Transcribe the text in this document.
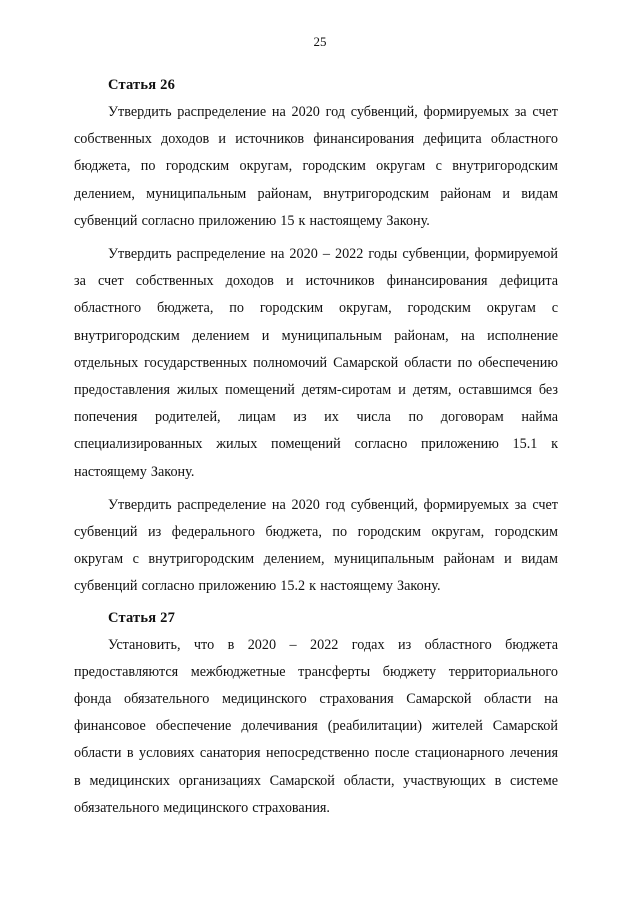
25
Статья 26

Утвердить распределение на 2020 год субвенций, формируемых за счет собственных доходов и источников финансирования дефицита областного бюджета, по городским округам, городским округам с внутригородским делением, муниципальным районам, внутригородским районам и видам субвенций согласно приложению 15 к настоящему Закону.

Утвердить распределение на 2020 – 2022 годы субвенции, формируемой за счет собственных доходов и источников финансирования дефицита областного бюджета, по городским округам, городским округам с внутригородским делением и муниципальным районам, на исполнение отдельных государственных полномочий Самарской области по обеспечению предоставления жилых помещений детям-сиротам и детям, оставшимся без попечения родителей, лицам из их числа по договорам найма специализированных жилых помещений согласно приложению 15.1 к настоящему Закону.

Утвердить распределение на 2020 год субвенций, формируемых за счет субвенций из федерального бюджета, по городским округам, городским округам с внутригородским делением, муниципальным районам и видам субвенций согласно приложению 15.2 к настоящему Закону.

Статья 27

Установить, что в 2020 – 2022 годах из областного бюджета предоставляются межбюджетные трансферты бюджету территориального фонда обязательного медицинского страхования Самарской области на финансовое обеспечение долечивания (реабилитации) жителей Самарской области в условиях санатория непосредственно после стационарного лечения в медицинских организациях Самарской области, участвующих в системе обязательного медицинского страхования.
